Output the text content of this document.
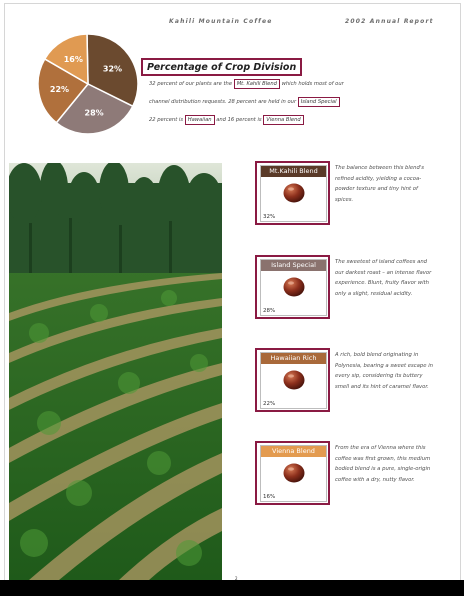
Kahili Mountain Coffee	2002 Annual Report
32%
28%
22%
16%
Percentage of Crop Division
32 percent of our plants are the Mt. Kahili Blend which holds most of our
channel distribution requests. 28 percent are held in our Island Special
22 percent is Hawaiian and 16 percent is Vienna Blend
2
Mt.Kahili Blend
32%
The balance between this blend's refined acidity, yielding a cocoa-powder texture and tiny hint of spices.
Island Special
28%
The sweetest of island coffees and our darkest roast – an intense flavor experience. Blunt, fruity flavor with only a slight, residual acidity.
Hawaiian Rich
22%
A rich, bold blend originating in Polynesia, bearing a sweet escape in every sip, considering its buttery smell and its hint of caramel flavor.
Vienna Blend
16%
From the era of Vienna where this coffee was first grown, this medium bodied blend is a pure, single-origin coffee with a dry, nutty flavor.
